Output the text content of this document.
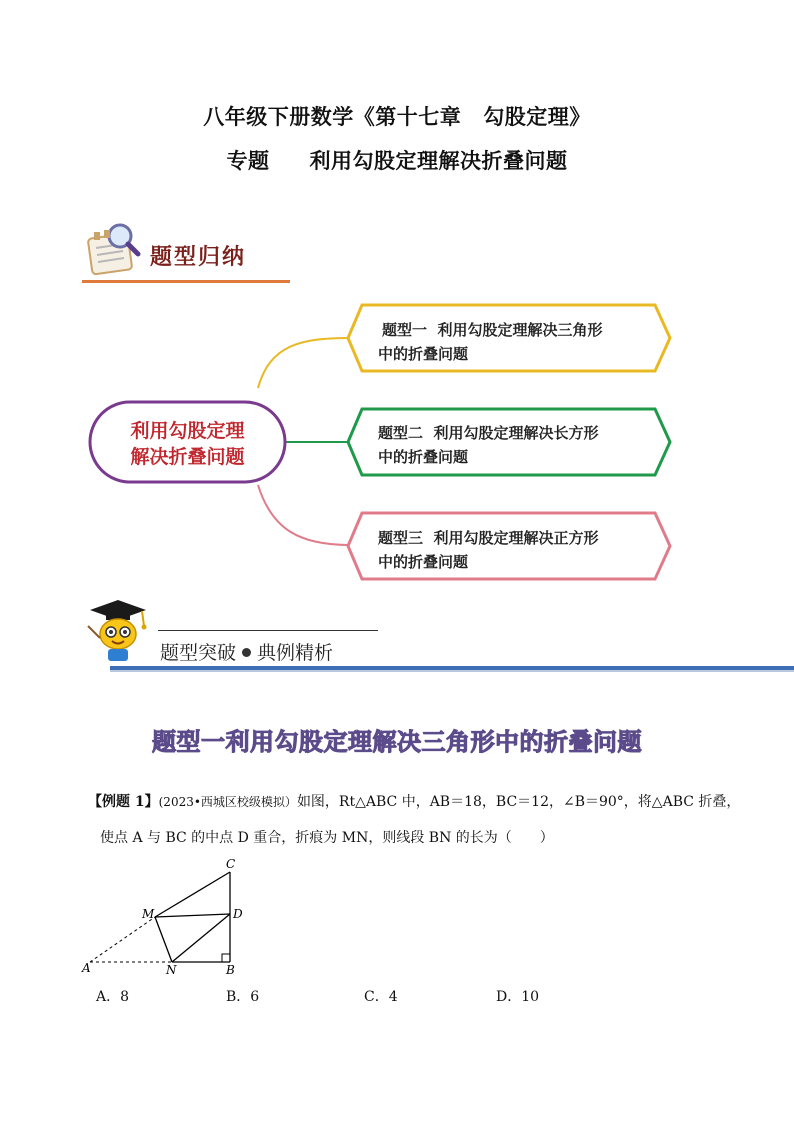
八年级下册数学《第十七章 勾股定理》
专题 利用勾股定理解决折叠问题
题型归纳
利用勾股定理
解决折叠问题
题型一  利用勾股定理解决三角形
中的折叠问题
题型二  利用勾股定理解决长方形
中的折叠问题
题型三  利用勾股定理解决正方形
中的折叠问题
题型突破 典例精析
题型一利用勾股定理解决三角形中的折叠问题
【例题 1】(2023•西城区校级模拟）如图，Rt△ABC 中，AB＝18，BC＝12，∠B＝90°，将△ABC 折叠，
使点 A 与 BC 的中点 D 重合，折痕为 MN，则线段 BN 的长为（　　）
C
M	D
A	N	B
A．8	B．6	C．4	D．10
